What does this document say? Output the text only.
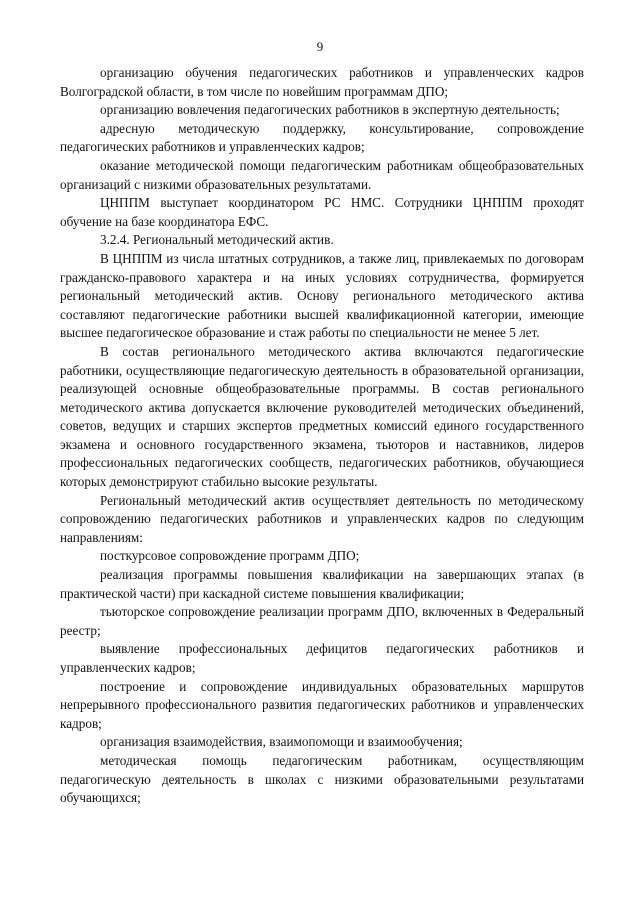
9

организацию обучения педагогических работников и управленческих кадров Волгоградской области, в том числе по новейшим программам ДПО;

организацию вовлечения педагогических работников в экспертную деятельность;

адресную методическую поддержку, консультирование, сопровождение педагогических работников и управленческих кадров;

оказание методической помощи педагогическим работникам общеобразовательных организаций с низкими образовательных результатами.

ЦНППМ выступает координатором РС НМС. Сотрудники ЦНППМ проходят обучение на базе координатора ЕФС.

3.2.4. Региональный методический актив.

В ЦНППМ из числа штатных сотрудников, а также лиц, привлекаемых по договорам гражданско-правового характера и на иных условиях сотрудничества, формируется региональный методический актив. Основу регионального методического актива составляют педагогические работники высшей квалификационной категории, имеющие высшее педагогическое образование и стаж работы по специальности не менее 5 лет.

В состав регионального методического актива включаются педагогические работники, осуществляющие педагогическую деятельность в образовательной организации, реализующей основные общеобразовательные программы. В состав регионального методического актива допускается включение руководителей методических объединений, советов, ведущих и старших экспертов предметных комиссий единого государственного экзамена и основного государственного экзамена, тьюторов и наставников, лидеров профессиональных педагогических сообществ, педагогических работников, обучающиеся которых демонстрируют стабильно высокие результаты.

Региональный методический актив осуществляет деятельность по методическому сопровождению педагогических работников и управленческих кадров по следующим направлениям:

посткурсовое сопровождение программ ДПО;

реализация программы повышения квалификации на завершающих этапах (в практической части) при каскадной системе повышения квалификации;

тьюторское сопровождение реализации программ ДПО, включенных в Федеральный реестр;

выявление профессиональных дефицитов педагогических работников и управленческих кадров;

построение и сопровождение индивидуальных образовательных маршрутов непрерывного профессионального развития педагогических работников и управленческих кадров;

организация взаимодействия, взаимопомощи и взаимообучения;

методическая помощь педагогическим работникам, осуществляющим педагогическую деятельность в школах с низкими образовательными результатами обучающихся;
